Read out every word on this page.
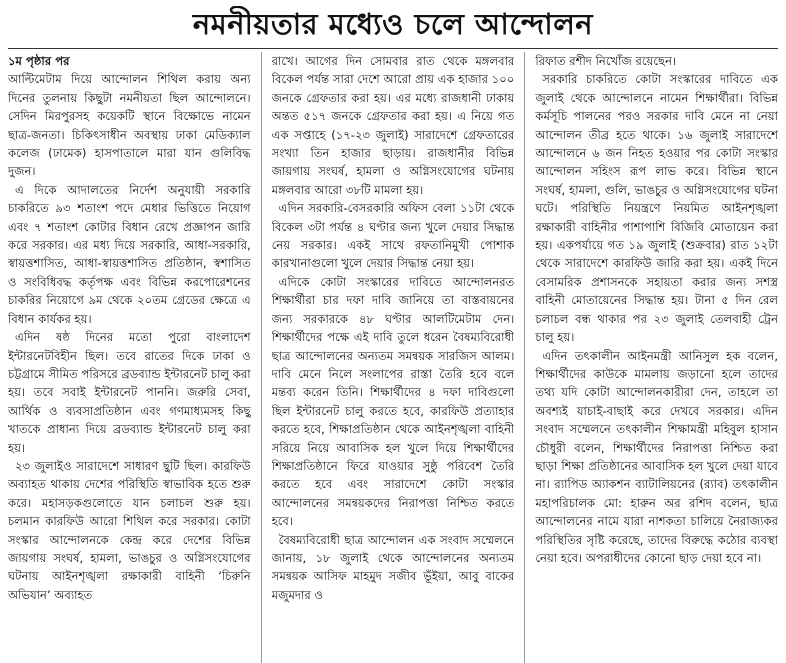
নমনীয়তার মধ্যেও চলে আন্দোলন

১ম পৃষ্ঠার পর

আল্টিমেটাম দিয়ে আন্দোলন শিথিল করায় অন্য দিনের তুলনায় কিছুটা নমনীয়তা ছিল আন্দোলনে। সেদিন মিরপুরসহ কয়েকটি স্থানে বিক্ষোভে নামেন ছাত্র-জনতা। চিকিৎসাধীন অবস্থায় ঢাকা মেডিক্যাল কলেজ (ঢামেক) হাসপাতালে মারা যান গুলিবিদ্ধ দুজন।

এ দিকে আদালতের নির্দেশ অনুযায়ী সরকারি চাকরিতে ৯৩ শতাংশ পদে মেধার ভিত্তিতে নিয়োগ এবং ৭ শতাংশ কোটার বিধান রেখে প্রজ্ঞাপন জারি করে সরকার। এর মধ্য দিয়ে সরকারি, আধা-সরকারি, স্বায়ত্তশাসিত, আধা-স্বায়ত্তশাসিত প্রতিষ্ঠান, স্বশাসিত ও সংবিধিবদ্ধ কর্তৃপক্ষ এবং বিভিন্ন করপোরেশনের চাকরির নিয়োগে ৯ম থেকে ২০তম গ্রেডের ক্ষেত্রে এ বিধান কার্যকর হয়।

এদিন ষষ্ঠ দিনের মতো পুরো বাংলাদেশ ইন্টারনেটবিহীন ছিল। তবে রাতের দিকে ঢাকা ও চট্টগ্রামে সীমিত পরিসরে ব্রডব্যান্ড ইন্টারনেট চালু করা হয়। তবে সবাই ইন্টারনেট পাননি। জরুরি সেবা, আর্থিক ও ব্যবসাপ্রতিষ্ঠান এবং গণমাধ্যমসহ কিছু খাতকে প্রাধান্য দিয়ে ব্রডব্যান্ড ইন্টারনেট চালু করা হয়।

২৩ জুলাইও সারাদেশে সাধারণ ছুটি ছিল। কারফিউ অব্যাহত থাকায় দেশের পরিস্থিতি স্বাভাবিক হতে শুরু করে। মহাসড়কগুলোতে যান চলাচল শুরু হয়। চলমান কারফিউ আরো শিথিল করে সরকার। কোটা সংস্কার আন্দোলনকে কেন্দ্র করে দেশের বিভিন্ন জায়গায় সংঘর্ষ, হামলা, ভাঙচুর ও অগ্নিসংযোগের ঘটনায় আইনশৃঙ্খলা রক্ষাকারী বাহিনী ‘চিরুনি অভিযান’ অব্যাহত

রাখে। আগের দিন সোমবার রাত থেকে মঙ্গলবার বিকেল পর্যন্ত সারা দেশে আরো প্রায় এক হাজার ১০০ জনকে গ্রেফতার করা হয়। এর মধ্যে রাজধানী ঢাকায় অন্তত ৫১৭ জনকে গ্রেফতার করা হয়। এ নিয়ে গত এক সপ্তাহে (১৭-২৩ জুলাই) সারাদেশে গ্রেফতারের সংখ্যা তিন হাজার ছাড়ায়। রাজধানীর বিভিন্ন জায়গায় সংঘর্ষ, হামলা ও অগ্নিসংযোগের ঘটনায় মঙ্গলবার আরো ৩৮টি মামলা হয়।

এদিন সরকারি-বেসরকারি অফিস বেলা ১১টা থেকে বিকেল ৩টা পর্যন্ত ৪ ঘণ্টার জন্য খুলে দেয়ার সিদ্ধান্ত নেয় সরকার। একই সাথে রফতানিমুখী পোশাক কারখানাগুলো খুলে দেয়ার সিদ্ধান্ত নেয়া হয়।

এদিকে কোটা সংস্কারের দাবিতে আন্দোলনরত শিক্ষার্থীরা চার দফা দাবি জানিয়ে তা বাস্তবায়নের জন্য সরকারকে ৪৮ ঘণ্টার আলটিমেটাম দেন। শিক্ষার্থীদের পক্ষে এই দাবি তুলে ধরেন বৈষম্যবিরোধী ছাত্র আন্দোলনের অন্যতম সমন্বয়ক সারজিস আলম। দাবি মেনে নিলে সংলাপের রাস্তা তৈরি হবে বলে মন্তব্য করেন তিনি। শিক্ষার্থীদের ৪ দফা দাবিগুলো ছিল ইন্টারনেট চালু করতে হবে, কারফিউ প্রত্যাহার করতে হবে, শিক্ষাপ্রতিষ্ঠান থেকে আইনশৃঙ্খলা বাহিনী সরিয়ে নিয়ে আবাসিক হল খুলে দিয়ে শিক্ষার্থীদের শিক্ষাপ্রতিষ্ঠানে ফিরে যাওয়ার সুষ্ঠু পরিবেশ তৈরি করতে হবে এবং সারাদেশে কোটা সংস্কার আন্দোলনের সমন্বয়কদের নিরাপত্তা নিশ্চিত করতে হবে।

বৈষম্যবিরোধী ছাত্র আন্দোলন এক সংবাদ সম্মেলনে জানায়, ১৮ জুলাই থেকে আন্দোলনের অন্যতম সমন্বয়ক আসিফ মাহমুদ সজীব ভূঁইয়া, আবু বাকের মজুমদার ও

রিফাত রশীদ নিখোঁজ রয়েছেন।

সরকারি চাকরিতে কোটা সংস্কারের দাবিতে এক জুলাই থেকে আন্দোলনে নামেন শিক্ষার্থীরা। বিভিন্ন কর্মসূচি পালনের পরও সরকার দাবি মেনে না নেয়া আন্দোলন তীব্র হতে থাকে। ১৬ জুলাই সারাদেশে আন্দোলনে ৬ জন নিহত হওয়ার পর কোটা সংস্কার আন্দোলন সহিংস রূপ লাভ করে। বিভিন্ন স্থানে সংঘর্ষ, হামলা, গুলি, ভাঙচুর ও অগ্নিসংযোগের ঘটনা ঘটে। পরিস্থিতি নিয়ন্ত্রণে নিয়মিত আইনশৃঙ্খলা রক্ষাকারী বাহিনীর পাশাপাশি বিজিবি মোতায়েন করা হয়। একপর্যায়ে গত ১৯ জুলাই (শুক্রবার) রাত ১২টা থেকে সারাদেশে কারফিউ জারি করা হয়। একই দিনে বেসামরিক প্রশাসনকে সহায়তা করার জন্য সশস্ত্র বাহিনী মোতায়েনের সিদ্ধান্ত হয়। টানা ৫ দিন রেল চলাচল বন্ধ থাকার পর ২৩ জুলাই তেলবাহী ট্রেন চালু হয়।

এদিন তৎকালীন আইনমন্ত্রী আনিসুল হক বলেন, শিক্ষার্থীদের কাউকে মামলায় জড়ানো হলে তাদের তথ্য যদি কোটা আন্দোলনকারীরা দেন, তাহলে তা অবশ্যই যাচাই-বাছাই করে দেখবে সরকার। এদিন সংবাদ সম্মেলনে তৎকালীন শিক্ষামন্ত্রী মহিবুল হাসান চৌধুরী বলেন, শিক্ষার্থীদের নিরাপত্তা নিশ্চিত করা ছাড়া শিক্ষা প্রতিষ্ঠানের আবাসিক হল খুলে দেয়া যাবে না। র‍্যাপিড অ্যাকশন ব্যাটালিয়নের (র‍্যাব) তৎকালীন মহাপরিচালক মো: হারুন অর রশিদ বলেন, ছাত্র আন্দোলনের নামে যারা নাশকতা চালিয়ে নৈরাজ্যকর পরিস্থিতির সৃষ্টি করেছে, তাদের বিরুদ্ধে কঠোর ব্যবস্থা নেয়া হবে। অপরাধীদের কোনো ছাড় দেয়া হবে না।
